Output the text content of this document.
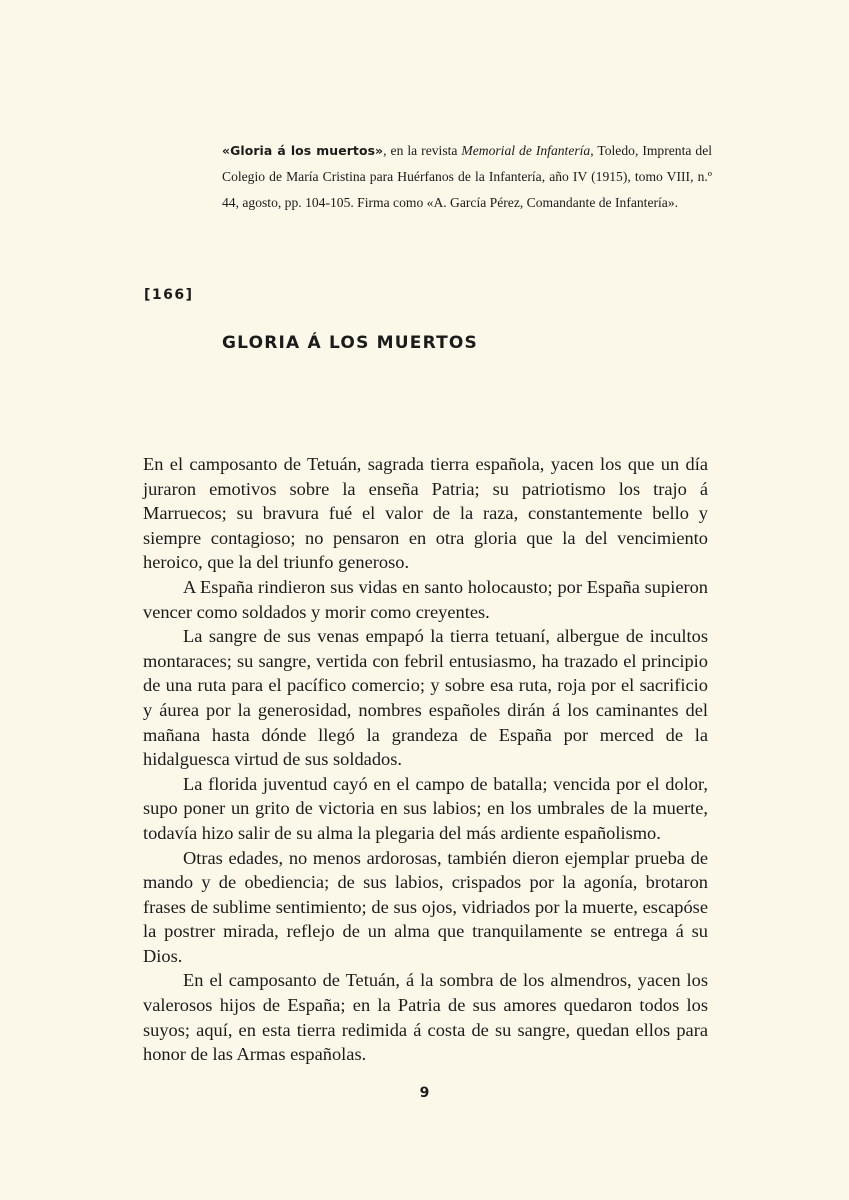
«Gloria á los muertos», en la revista Memorial de Infantería, Toledo, Imprenta del Colegio de María Cristina para Huérfanos de la Infantería, año IV (1915), tomo VIII, n.º 44, agosto, pp. 104-105. Firma como «A. García Pérez, Comandante de Infantería».
[166]
GLORIA Á LOS MUERTOS

En el camposanto de Tetuán, sagrada tierra española, yacen los que un día juraron emotivos sobre la enseña Patria; su patriotismo los trajo á Marruecos; su bravura fué el valor de la raza, constantemente bello y siempre contagioso; no pensaron en otra gloria que la del vencimiento heroico, que la del triunfo generoso.

A España rindieron sus vidas en santo holocausto; por España supieron vencer como soldados y morir como creyentes.

La sangre de sus venas empapó la tierra tetuaní, albergue de incultos montaraces; su sangre, vertida con febril entusiasmo, ha trazado el principio de una ruta para el pacífico comercio; y sobre esa ruta, roja por el sacrificio y áurea por la generosidad, nombres españoles dirán á los caminantes del mañana hasta dónde llegó la grandeza de España por merced de la hidalguesca virtud de sus soldados.

La florida juventud cayó en el campo de batalla; vencida por el dolor, supo poner un grito de victoria en sus labios; en los umbrales de la muerte, todavía hizo salir de su alma la plegaria del más ardiente españolismo.

Otras edades, no menos ardorosas, también dieron ejemplar prueba de mando y de obediencia; de sus labios, crispados por la agonía, brotaron frases de sublime sentimiento; de sus ojos, vidriados por la muerte, escapóse la postrer mirada, reflejo de un alma que tranquilamente se entrega á su Dios.

En el camposanto de Tetuán, á la sombra de los almendros, yacen los valerosos hijos de España; en la Patria de sus amores quedaron todos los suyos; aquí, en esta tierra redimida á costa de su sangre, quedan ellos para honor de las Armas españolas.

9
